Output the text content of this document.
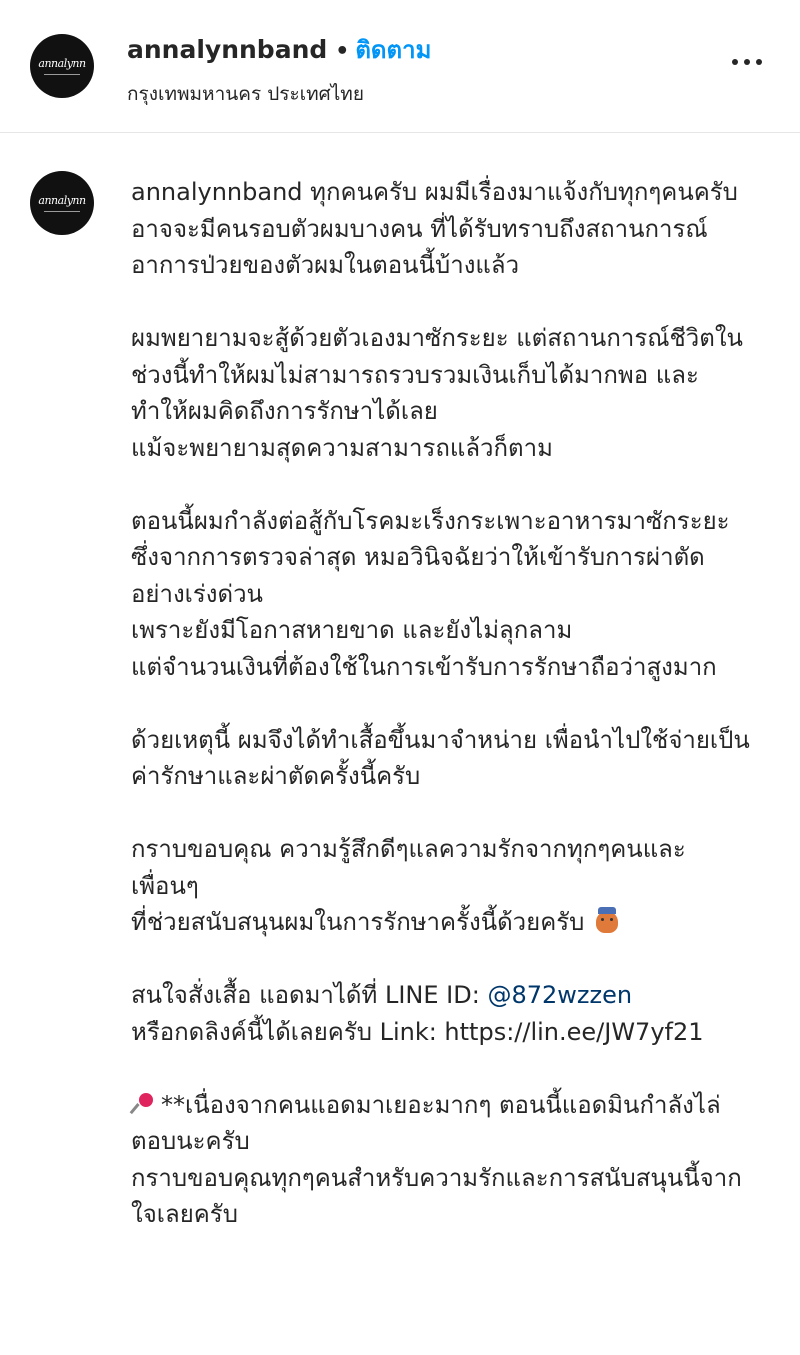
annalynn	annalynnband • ติดตาม
กรุงเทพมหานคร ประเทศไทย
annalynn	annalynnband ทุกคนครับ ผมมีเรื่องมาแจ้งกับทุกๆคนครับ
อาจจะมีคนรอบตัวผมบางคน ที่ได้รับทราบถึงสถานการณ์อาการป่วยของตัวผมในตอนนี้บ้างแล้ว

ผมพยายามจะสู้ด้วยตัวเองมาซักระยะ แต่สถานการณ์ชีวิตในช่วงนี้ทำให้ผมไม่สามารถรวบรวมเงินเก็บได้มากพอ และทำให้ผมคิดถึงการรักษาได้เลย
แม้จะพยายามสุดความสามารถแล้วก็ตาม

ตอนนี้ผมกำลังต่อสู้กับโรคมะเร็งกระเพาะอาหารมาซักระยะ
ซึ่งจากการตรวจล่าสุด หมอวินิจฉัยว่าให้เข้ารับการผ่าตัดอย่างเร่งด่วน
เพราะยังมีโอกาสหายขาด และยังไม่ลุกลาม
แต่จำนวนเงินที่ต้องใช้ในการเข้ารับการรักษาถือว่าสูงมาก

ด้วยเหตุนี้ ผมจึงได้ทำเสื้อขึ้นมาจำหน่าย เพื่อนำไปใช้จ่ายเป็นค่ารักษาและผ่าตัดครั้งนี้ครับ

กราบขอบคุณ ความรู้สึกดีๆแลความรักจากทุกๆคนและเพื่อนๆ
ที่ช่วยสนับสนุนผมในการรักษาครั้งนี้ด้วยครับ

สนใจสั่งเสื้อ แอดมาได้ที่ LINE ID: @872wzzen
หรือกดลิงค์นี้ได้เลยครับ Link: https://lin.ee/JW7yf21

**เนื่องจากคนแอดมาเยอะมากๆ ตอนนี้แอดมินกำลังไล่ตอบนะครับ
กราบขอบคุณทุกๆคนสำหรับความรักและการสนับสนุนนี้จากใจเลยครับ
